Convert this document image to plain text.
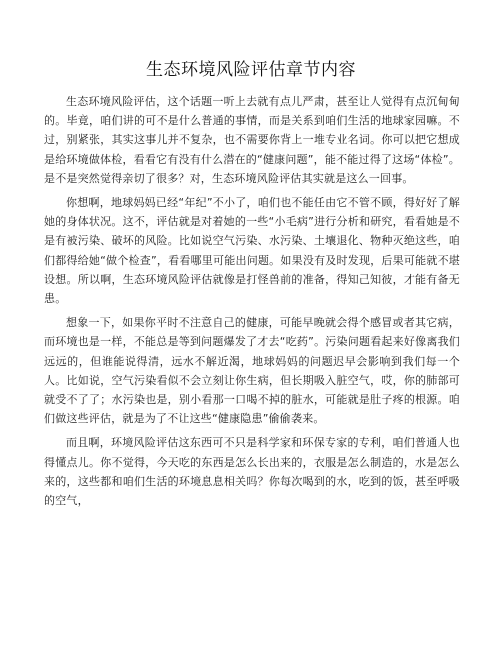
生态环境风险评估章节内容

生态环境风险评估，这个话题一听上去就有点儿严肃，甚至让人觉得有点沉甸甸的。毕竟，咱们讲的可不是什么普通的事情，而是关系到咱们生活的地球家园嘛。不过，别紧张，其实这事儿并不复杂，也不需要你背上一堆专业名词。你可以把它想成是给环境做体检，看看它有没有什么潜在的“健康问题”，能不能过得了这场“体检”。是不是突然觉得亲切了很多？对，生态环境风险评估其实就是这么一回事。

你想啊，地球妈妈已经“年纪”不小了，咱们也不能任由它不管不顾，得好好了解她的身体状况。这不，评估就是对着她的一些“小毛病”进行分析和研究，看看她是不是有被污染、破坏的风险。比如说空气污染、水污染、土壤退化、物种灭绝这些，咱们都得给她“做个检查”，看看哪里可能出问题。如果没有及时发现，后果可能就不堪设想。所以啊，生态环境风险评估就像是打怪兽前的准备，得知己知彼，才能有备无患。

想象一下，如果你平时不注意自己的健康，可能早晚就会得个感冒或者其它病，而环境也是一样，不能总是等到问题爆发了才去“吃药”。污染问题看起来好像离我们远远的，但谁能说得清，远水不解近渴，地球妈妈的问题迟早会影响到我们每一个人。比如说，空气污染看似不会立刻让你生病，但长期吸入脏空气，哎，你的肺部可就受不了了；水污染也是，别小看那一口喝不掉的脏水，可能就是肚子疼的根源。咱们做这些评估，就是为了不让这些“健康隐患”偷偷袭来。

而且啊，环境风险评估这东西可不只是科学家和环保专家的专利，咱们普通人也得懂点儿。你不觉得，今天吃的东西是怎么长出来的，衣服是怎么制造的，水是怎么来的，这些都和咱们生活的环境息息相关吗？你每次喝到的水，吃到的饭，甚至呼吸的空气，
